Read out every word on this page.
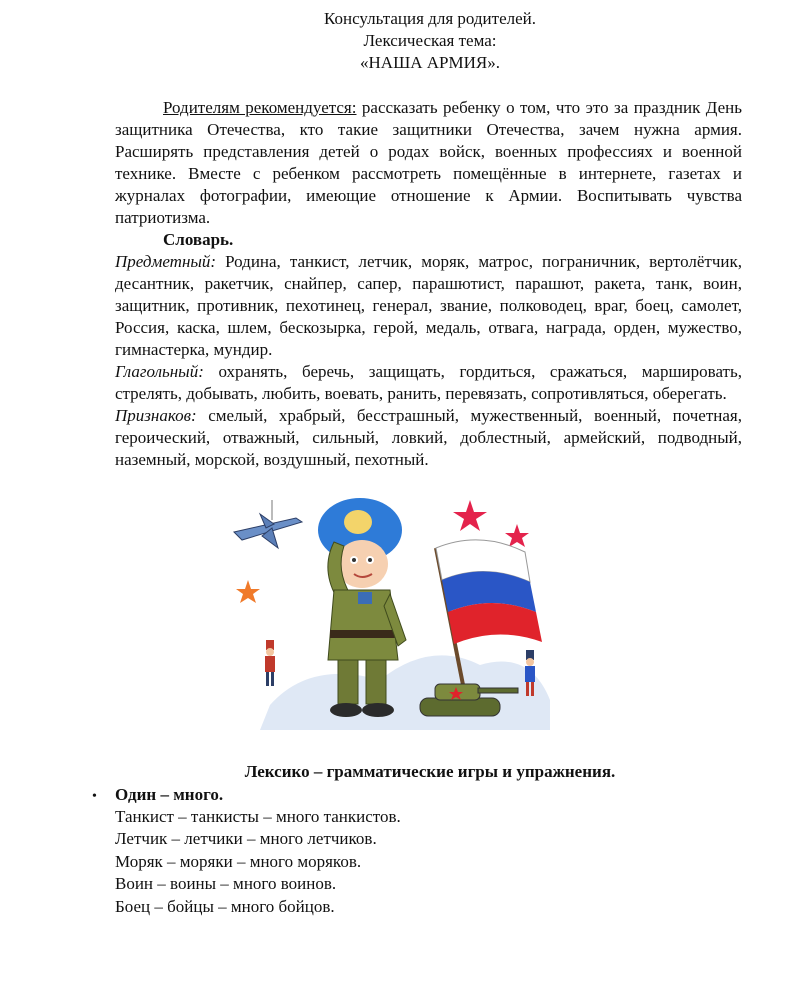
Консультация для родителей.
Лексическая тема:
«НАША АРМИЯ».

Родителям рекомендуется: рассказать ребенку о том, что это за праздник День защитника Отечества, кто такие защитники Отечества, зачем нужна армия. Расширять представления детей о родах войск, военных профессиях и военной технике. Вместе с ребенком рассмотреть помещённые в интернете, газетах и журналах фотографии, имеющие отношение к Армии. Воспитывать чувства патриотизма.

Словарь.

Предметный: Родина, танкист, летчик, моряк, матрос, пограничник, вертолётчик, десантник, ракетчик, снайпер, сапер, парашютист, парашют, ракета, танк, воин, защитник, противник, пехотинец, генерал, звание, полководец, враг, боец, самолет, Россия, каска, шлем, бескозырка, герой, медаль, отвага, награда, орден, мужество, гимнастерка, мундир.

Глагольный: охранять, беречь, защищать, гордиться, сражаться, маршировать, стрелять, добывать, любить, воевать, ранить, перевязать, сопротивляться, оберегать.

Признаков: смелый, храбрый, бесстрашный, мужественный, военный, почетная, героический, отважный, сильный, ловкий, доблестный, армейский, подводный, наземный, морской, воздушный, пехотный.

Лексико – грамматические игры и упражнения.
•	Один – много.
Танкист – танкисты – много танкистов.
Летчик – летчики – много летчиков.
Моряк – моряки – много моряков.
Воин – воины – много воинов.
Боец – бойцы – много бойцов.
